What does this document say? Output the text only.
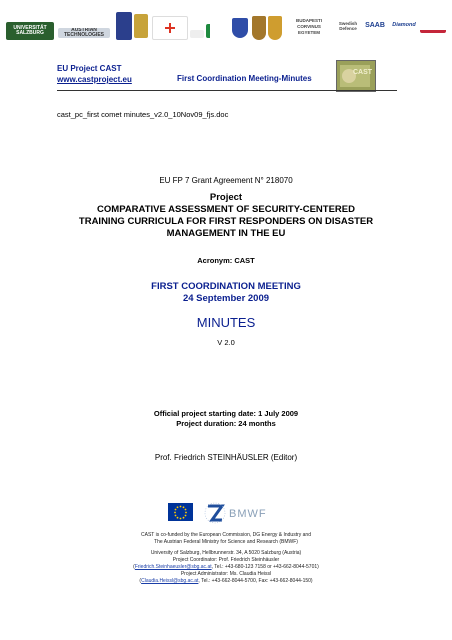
UNIVERSITÄT SALZBURG	AUSTRIAN TECHNOLOGIES
BUDAPESTI CORVINUS EGYETEM
Swedish Defence	SAAB Diamond
EU Project CAST
www.castproject.eu	First Coordination Meeting-Minutes
CAST
cast_pc_first comet minutes_v2.0_10Nov09_fjs.doc
EU FP 7 Grant Agreement N° 218070
Project
COMPARATIVE ASSESSMENT OF SECURITY-CENTERED
TRAINING CURRICULA FOR FIRST RESPONDERS ON DISASTER
MANAGEMENT IN THE EU
Acronym: CAST
FIRST COORDINATION MEETING
24 September 2009
MINUTES
V 2.0
Official project starting date: 1 July 2009
Project duration: 24 months
Prof. Friedrich STEINHÄUSLER (Editor)
BMWF
CAST is co-funded by the European Commission, DG Energy & Industry and
The Austrian Federal Ministry for Science and Research (BMWF)
University of Salzburg, Hellbrunnerstr. 34, A 5020 Salzburg (Austria)
Project Coordinator: Prof. Friedrich Steinhäusler
(Friedrich.Steinhaeusler@sbg.ac.at, Tel.: +43-680-123 7158 or +43-662-8044-5701)
Project Administrator: Ms. Claudia Heissl
(Claudia.Heissl@sbg.ac.at, Tel.: +43-662-8044-5700, Fax: +43-662-8044-150)
